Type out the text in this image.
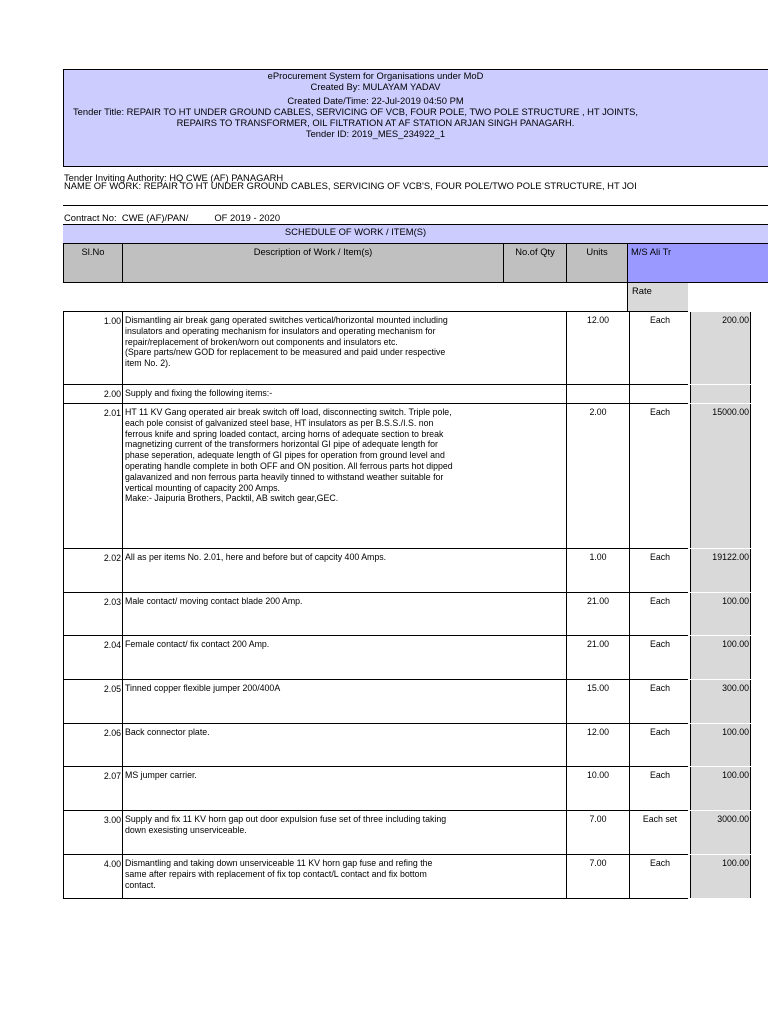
eProcurement System for Organisations under MoD
Created By: MULAYAM YADAV
Created Date/Time: 22-Jul-2019 04:50 PM
Tender Title: REPAIR TO HT UNDER GROUND CABLES, SERVICING OF VCB, FOUR POLE, TWO POLE STRUCTURE , HT JOINTS,
REPAIRS TO TRANSFORMER, OIL FILTRATION AT AF STATION ARJAN SINGH PANAGARH.
Tender ID: 2019_MES_234922_1
Tender Inviting Authority: HQ CWE (AF) PANAGARH
NAME OF WORK: REPAIR TO HT UNDER GROUND CABLES, SERVICING OF VCB'S, FOUR POLE/TWO POLE STRUCTURE, HT JOI
Contract No:  CWE (AF)/PAN/          OF 2019 - 2020
SCHEDULE OF WORK / ITEM(S)
Sl.No	Description of Work / Item(s)	No.of Qty	Units	M/S Ali Tr
Rate
1.00 Dismantling air break gang operated switches vertical/horizontal mounted including
insulators and operating mechanism for insulators and operating mechanism for
repair/replacement of broken/worn out components and insulators etc.
(Spare parts/new GOD for replacement to be measured and paid under respective
item No. 2).
12.00	Each	200.00
2.00 Supply and fixing the following items:-
2.01 HT 11 KV Gang operated air break switch off load, disconnecting switch. Triple pole,
each pole consist of galvanized steel base, HT insulators as per B.S.S./I.S. non
ferrous knife and spring loaded contact, arcing horns of adequate section to break
magnetizing current of the transformers horizontal GI pipe of adequate length for
phase seperation, adequate length of GI pipes for operation from ground level and
operating handle complete in both OFF and ON position. All ferrous parts hot dipped
galavanized and non ferrous parta heavily tinned to withstand weather suitable for
vertical mounting of capacity 200 Amps.
Make:- Jaipuria Brothers, Packtil, AB switch gear,GEC.
2.00	Each	15000.00
2.02 All as per items No. 2.01, here and before but of capcity 400 Amps.	1.00	Each	19122.00
2.03 Male contact/ moving contact blade 200 Amp.	21.00	Each	100.00
2.04 Female contact/ fix contact 200 Amp.	21.00	Each	100.00
2.05 Tinned copper flexible jumper 200/400A	15.00	Each	300.00
2.06 Back connector plate.	12.00	Each	100.00
2.07 MS jumper carrier.	10.00	Each	100.00
3.00 Supply and fix 11 KV horn gap out door expulsion fuse set of three including taking
down exesisting unserviceable.
7.00	Each set	3000.00
4.00 Dismantling and taking down unserviceable 11 KV horn gap fuse and refing the
same after repairs with replacement of fix top contact/L contact and fix bottom
contact.
7.00	Each	100.00
